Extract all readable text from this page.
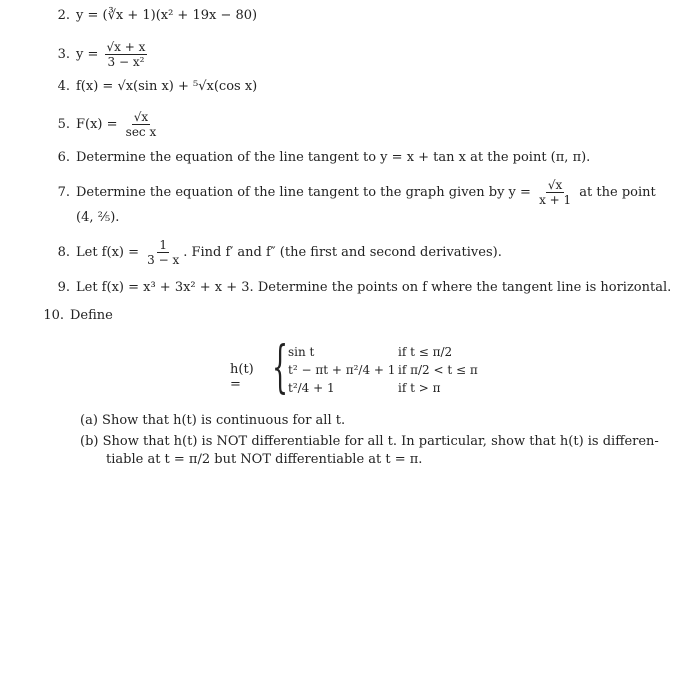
2. y = (∛x + 1)(x² + 19x − 80)
3. $y = \frac{√x + x}{\text{3 − x²}}$
4. f(x) = √x(sin x) + ⁵√x(cos x)
5. $F(x) = \frac{√x}{\text{sec x}}$
6. Determine the equation of the line tangent to y = x + tan x at the point (π, π).
7. Determine the equation of the line tangent to the graph given by $y = \frac{√x}{x + 1}$ at the point
(4, ⅖).
8. Let $f(x) = \frac{1}{3 - x}$ . Find f′ and f″ (the first and second derivatives).
9. Let f(x) = x³ + 3x² + x + 3. Determine the points on f where the tangent line is horizontal.
10. Define
h(t) = { sin t	if t ≤ π/2
t² − πt + π²/4 + 1 if π/2 < t ≤ π
t²/4 + 1	if t > π
(a) Show that h(t) is continuous for all t.
(b) Show that h(t) is NOT differentiable for all t. In particular, show that h(t) is differen-
tiable at t = π/2 but NOT differentiable at t = π.
